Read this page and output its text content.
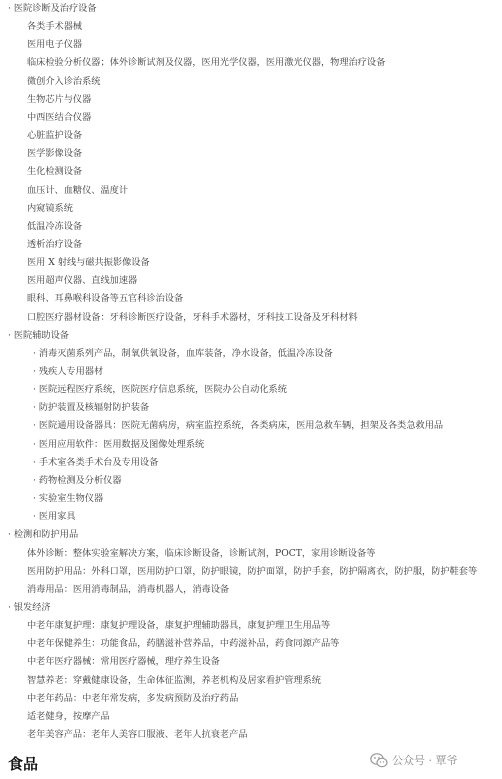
· 医院诊断及治疗设备
各类手术器械
医用电子仪器
临床检验分析仪器；体外诊断试剂及仪器，医用光学仪器，医用激光仪器，物理治疗设备
微创介入诊治系统
生物芯片与仪器
中西医结合仪器
心脏监护设备
医学影像设备
生化检测设备
血压计、血糖仪、温度计
内窥镜系统
低温冷冻设备
透析治疗设备
医用 X 射线与磁共振影像设备
医用超声仪器、直线加速器
眼科、耳鼻喉科设备等五官科诊治设备
口腔医疗器材设备：牙科诊断医疗设备，牙科手术器材，牙科技工设备及牙科材料
· 医院辅助设备
· 消毒灭菌系列产品，制氧供氧设备，血库装备，净水设备，低温冷冻设备
· 残疾人专用器材
· 医院远程医疗系统，医院医疗信息系统，医院办公自动化系统
· 防护装置及核辐射防护装备
· 医院通用设备器具：医院无菌病房，病室监控系统，各类病床，医用急救车辆，担架及各类急救用品
· 医用应用软件：医用数据及图像处理系统
· 手术室各类手术台及专用设备
· 药物检测及分析仪器
· 实验室生物仪器
· 医用家具
· 检测和防护用品
体外诊断：整体实验室解决方案，临床诊断设备，诊断试剂，POCT，家用诊断设备等
医用防护用品：外科口罩，医用防护口罩，防护眼镜，防护面罩，防护手套，防护隔离衣，防护服，防护鞋套等
消毒用品：医用消毒制品，消毒机器人，消毒设备
· 银发经济
中老年康复护理：康复护理设备，康复护理辅助器具，康复护理卫生用品等
中老年保健养生：功能食品，药膳滋补营养品，中药滋补品，药食同源产品等
中老年医疗器械：常用医疗器械，理疗养生设备
智慧养老：穿戴健康设备，生命体征监测，养老机构及居家看护管理系统
中老年药品：中老年常发病，多发病预防及治疗药品
适老健身，按摩产品
老年美容产品：老年人美容口服液、老年人抗衰老产品
食品	公众号 · 覃爷
